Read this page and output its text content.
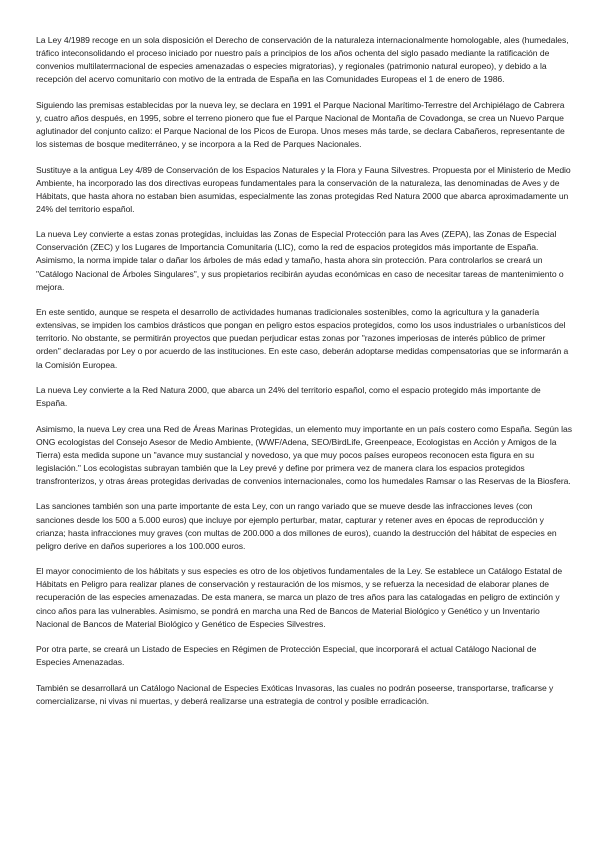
La Ley 4/1989 recoge en un sola disposición el Derecho de conservación de la naturaleza internacionalmente homologable, ales (humedales, tráfico inteconsolidando el proceso iniciado por nuestro país a principios de los años ochenta del siglo pasado mediante la ratificación de convenios multilaterrnacional de especies amenazadas o especies migratorias), y regionales (patrimonio natural europeo), y debido a la recepción del acervo comunitario con motivo de la entrada de España en las Comunidades Europeas el 1 de enero de 1986.

Siguiendo las premisas establecidas por la nueva ley, se declara en 1991 el Parque Nacional Marítimo-Terrestre del Archipiélago de Cabrera y, cuatro años después, en 1995, sobre el terreno pionero que fue el Parque Nacional de Montaña de Covadonga, se crea un Nuevo Parque aglutinador del conjunto calizo: el Parque Nacional de los Picos de Europa. Unos meses más tarde, se declara Cabañeros, representante de los sistemas de bosque mediterráneo, y se incorpora a la Red de Parques Nacionales.

Sustituye a la antigua Ley 4/89 de Conservación de los Espacios Naturales y la Flora y Fauna Silvestres. Propuesta por el Ministerio de Medio Ambiente, ha incorporado las dos directivas europeas fundamentales para la conservación de la naturaleza, las denominadas de Aves y de Hábitats, que hasta ahora no estaban bien asumidas, especialmente las zonas protegidas Red Natura 2000 que abarca aproximadamente un 24% del territorio español.

La nueva Ley convierte a estas zonas protegidas, incluidas las Zonas de Especial Protección para las Aves (ZEPA), las Zonas de Especial Conservación (ZEC) y los Lugares de Importancia Comunitaria (LIC), como la red de espacios protegidos más importante de España. Asimismo, la norma impide talar o dañar los árboles de más edad y tamaño, hasta ahora sin protección. Para controlarlos se creará un "Catálogo Nacional de Árboles Singulares", y sus propietarios recibirán ayudas económicas en caso de necesitar tareas de mantenimiento o mejora.

En este sentido, aunque se respeta el desarrollo de actividades humanas tradicionales sostenibles, como la agricultura y la ganadería extensivas, se impiden los cambios drásticos que pongan en peligro estos espacios protegidos, como los usos industriales o urbanísticos del territorio. No obstante, se permitirán proyectos que puedan perjudicar estas zonas por "razones imperiosas de interés público de primer orden" declaradas por Ley o por acuerdo de las instituciones. En este caso, deberán adoptarse medidas compensatorias que se informarán a la Comisión Europea.

La nueva Ley convierte a la Red Natura 2000, que abarca un 24% del territorio español, como el espacio protegido más importante de España.

Asimismo, la nueva Ley crea una Red de Áreas Marinas Protegidas, un elemento muy importante en un país costero como España. Según las ONG ecologistas del Consejo Asesor de Medio Ambiente, (WWF/Adena, SEO/BirdLife, Greenpeace, Ecologistas en Acción y Amigos de la Tierra) esta medida supone un "avance muy sustancial y novedoso, ya que muy pocos países europeos reconocen esta figura en su legislación." Los ecologistas subrayan también que la Ley prevé y define por primera vez de manera clara los espacios protegidos transfronterizos, y otras áreas protegidas derivadas de convenios internacionales, como los humedales Ramsar o las Reservas de la Biosfera.

Las sanciones también son una parte importante de esta Ley, con un rango variado que se mueve desde las infracciones leves (con sanciones desde los 500 a 5.000 euros) que incluye por ejemplo perturbar, matar, capturar y retener aves en épocas de reproducción y crianza; hasta infracciones muy graves (con multas de 200.000 a dos millones de euros), cuando la destrucción del hábitat de especies en peligro derive en daños superiores a los 100.000 euros.

El mayor conocimiento de los hábitats y sus especies es otro de los objetivos fundamentales de la Ley. Se establece un Catálogo Estatal de Hábitats en Peligro para realizar planes de conservación y restauración de los mismos, y se refuerza la necesidad de elaborar planes de recuperación de las especies amenazadas. De esta manera, se marca un plazo de tres años para las catalogadas en peligro de extinción y cinco años para las vulnerables. Asimismo, se pondrá en marcha una Red de Bancos de Material Biológico y Genético y un Inventario Nacional de Bancos de Material Biológico y Genético de Especies Silvestres.

Por otra parte, se creará un Listado de Especies en Régimen de Protección Especial, que incorporará el actual Catálogo Nacional de Especies Amenazadas.

También se desarrollará un Catálogo Nacional de Especies Exóticas Invasoras, las cuales no podrán poseerse, transportarse, traficarse y comercializarse, ni vivas ni muertas, y deberá realizarse una estrategia de control y posible erradicación.
